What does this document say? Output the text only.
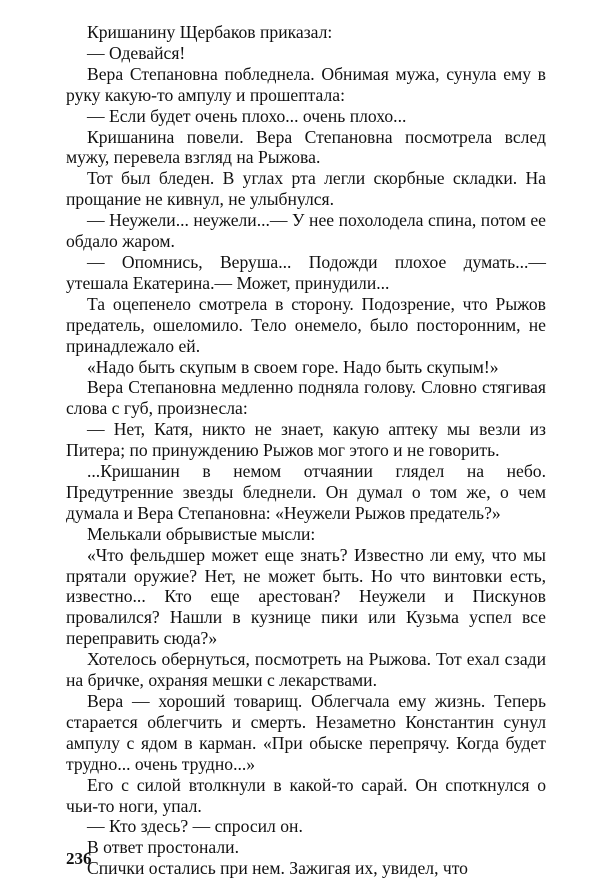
Кришанину Щербаков приказал:

— Одевайся!

Вера Степановна побледнела. Обнимая мужа, сунула ему в руку какую-то ампулу и прошептала:

— Если будет очень плохо... очень плохо...

Кришанина повели. Вера Степановна посмотрела вслед мужу, перевела взгляд на Рыжова.

Тот был бледен. В углах рта легли скорбные складки. На прощание не кивнул, не улыбнулся.

— Неужели... неужели...— У нее похолодела спина, потом ее обдало жаром.

— Опомнись, Веруша... Подожди плохое думать...— утешала Екатерина.— Может, принудили...

Та оцепенело смотрела в сторону. Подозрение, что Рыжов предатель, ошеломило. Тело онемело, было посторонним, не принадлежало ей.

«Надо быть скупым в своем горе. Надо быть скупым!»

Вера Степановна медленно подняла голову. Словно стягивая слова с губ, произнесла:

— Нет, Катя, никто не знает, какую аптеку мы везли из Питера; по принуждению Рыжов мог этого и не говорить.

...Кришанин в немом отчаянии глядел на небо. Предутренние звезды бледнели. Он думал о том же, о чем думала и Вера Степановна: «Неужели Рыжов предатель?»

Мелькали обрывистые мысли:

«Что фельдшер может еще знать? Известно ли ему, что мы прятали оружие? Нет, не может быть. Но что винтовки есть, известно... Кто еще арестован? Неужели и Пискунов провалился? Нашли в кузнице пики или Кузьма успел все переправить сюда?»

Хотелось обернуться, посмотреть на Рыжова. Тот ехал сзади на бричке, охраняя мешки с лекарствами.

Вера — хороший товарищ. Облегчала ему жизнь. Теперь старается облегчить и смерть. Незаметно Константин сунул ампулу с ядом в карман. «При обыске перепрячу. Когда будет трудно... очень трудно...»

Его с силой втолкнули в какой-то сарай. Он споткнулся о чьи-то ноги, упал.

— Кто здесь? — спросил он.

В ответ простонали.

Спички остались при нем. Зажигая их, увидел, что

236
